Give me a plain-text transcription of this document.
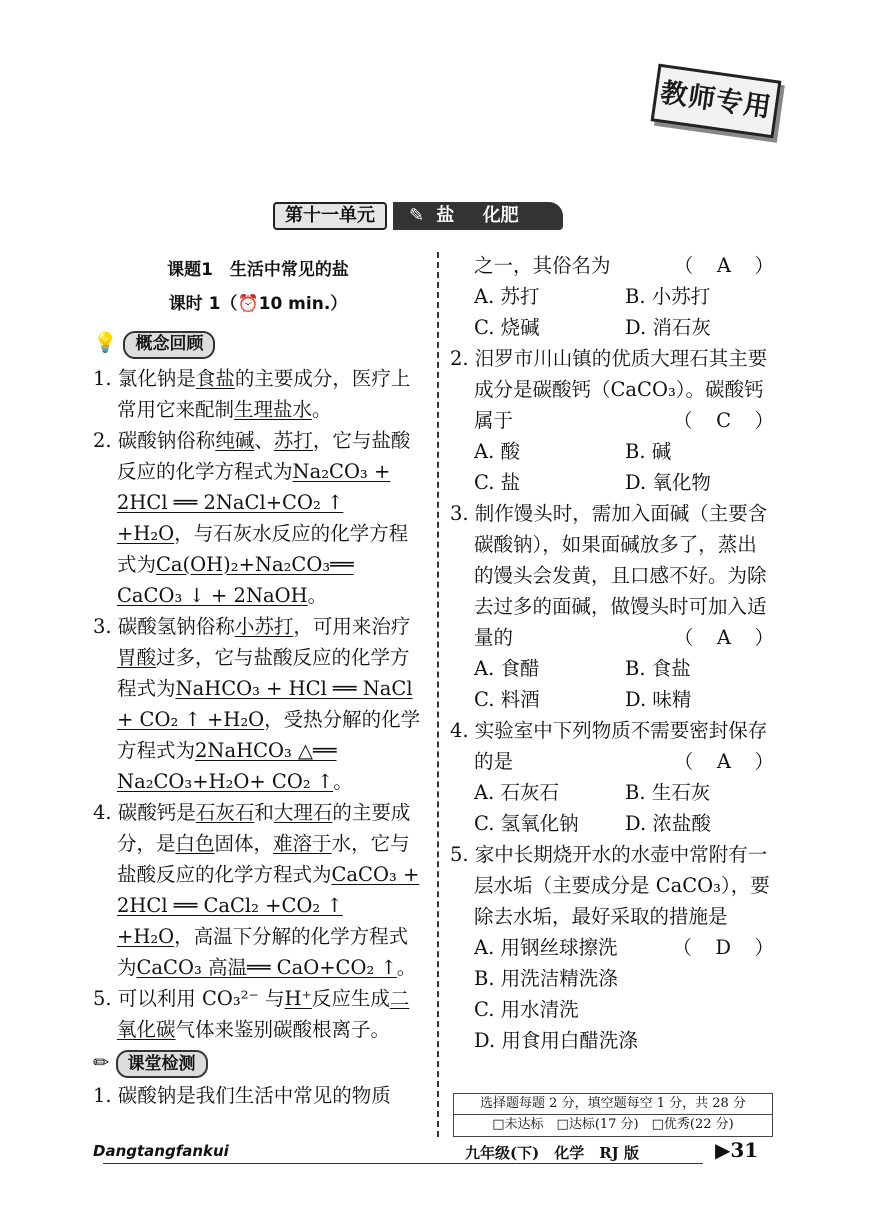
教师专用
第十一单元	✎ 盐 化肥
课题1　生活中常见的盐
课时 1（⏰10 min.）
💡 概念回顾

1. 氯化钠是食盐的主要成分，医疗上常用它来配制生理盐水。

2. 碳酸钠俗称纯碱、苏打，它与盐酸反应的化学方程式为Na₂CO₃ + 2HCl ══ 2NaCl+CO₂ ↑ +H₂O，与石灰水反应的化学方程式为Ca(OH)₂+Na₂CO₃══ CaCO₃ ↓ + 2NaOH。

3. 碳酸氢钠俗称小苏打，可用来治疗胃酸过多，它与盐酸反应的化学方程式为NaHCO₃ + HCl ══ NaCl + CO₂ ↑ +H₂O，受热分解的化学方程式为2NaHCO₃ △══ Na₂CO₃+H₂O+ CO₂ ↑。

4. 碳酸钙是石灰石和大理石的主要成分，是白色固体，难溶于水，它与盐酸反应的化学方程式为CaCO₃ + 2HCl ══ CaCl₂ +CO₂ ↑ +H₂O，高温下分解的化学方程式为CaCO₃ 高温══ CaO+CO₂ ↑。

5. 可以利用 CO₃²⁻ 与H⁺反应生成二氧化碳气体来鉴别碳酸根离子。

✏ 课堂检测

1. 碳酸钠是我们生活中常见的物质

之一，其俗名为	（　A　）

A. 苏打	B. 小苏打
C. 烧碱	D. 消石灰

2. 汨罗市川山镇的优质大理石其主要成分是碳酸钙（CaCO₃）。碳酸钙属于	（　C　）

A. 酸	B. 碱
C. 盐	D. 氧化物

3. 制作馒头时，需加入面碱（主要含碳酸钠），如果面碱放多了，蒸出的馒头会发黄，且口感不好。为除去过多的面碱，做馒头时可加入适量的	（　A　）

A. 食醋	B. 食盐
C. 料酒	D. 味精

4. 实验室中下列物质不需要密封保存的是	（　A　）

A. 石灰石	B. 生石灰
C. 氢氧化钠	D. 浓盐酸

5. 家中长期烧开水的水壶中常附有一层水垢（主要成分是 CaCO₃），要除去水垢，最好采取的措施是
（　D　）

A. 用钢丝球擦洗
B. 用洗洁精洗涤
C. 用水清洗
D. 用食用白醋洗涤
选择题每题 2 分，填空题每空 1 分，共 28 分
□未达标　□达标(17 分)　□优秀(22 分)
Dangtangfankui	九年级(下)　化学　RJ 版	▶31
